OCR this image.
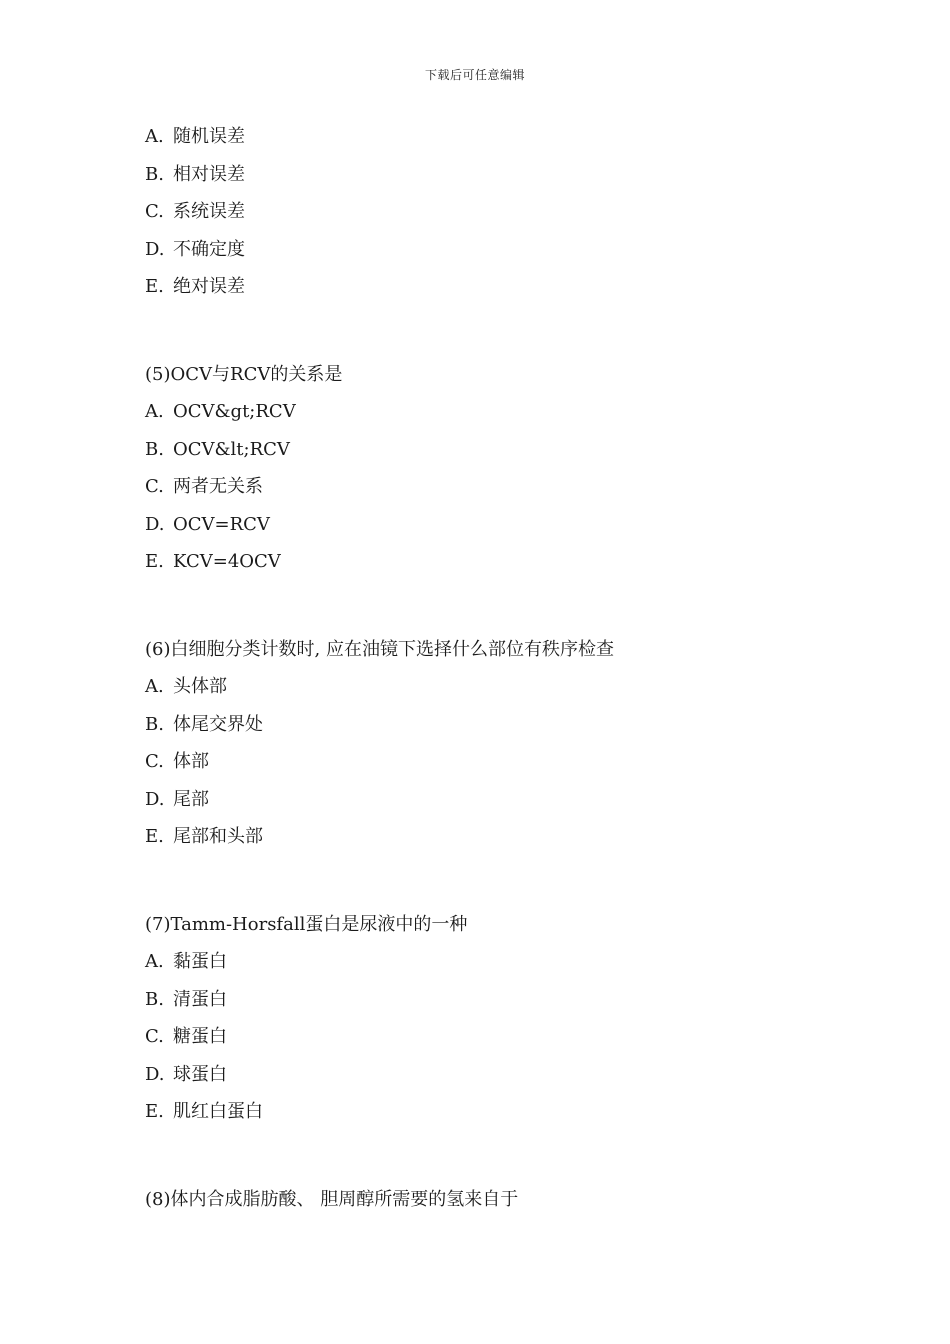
下载后可任意编辑
A. 随机误差
B. 相对误差
C. 系统误差
D. 不确定度
E. 绝对误差
(5)OCV与RCV的关系是
A. OCV&gt;RCV
B. OCV&lt;RCV
C. 两者无关系
D. OCV=RCV
E. KCV=4OCV
(6)白细胞分类计数时, 应在油镜下选择什么部位有秩序检查
A. 头体部
B. 体尾交界处
C. 体部
D. 尾部
E. 尾部和头部
(7)Tamm-Horsfall蛋白是尿液中的一种
A. 黏蛋白
B. 清蛋白
C. 糖蛋白
D. 球蛋白
E. 肌红白蛋白
(8)体内合成脂肪酸、 胆周醇所需要的氢来自于
